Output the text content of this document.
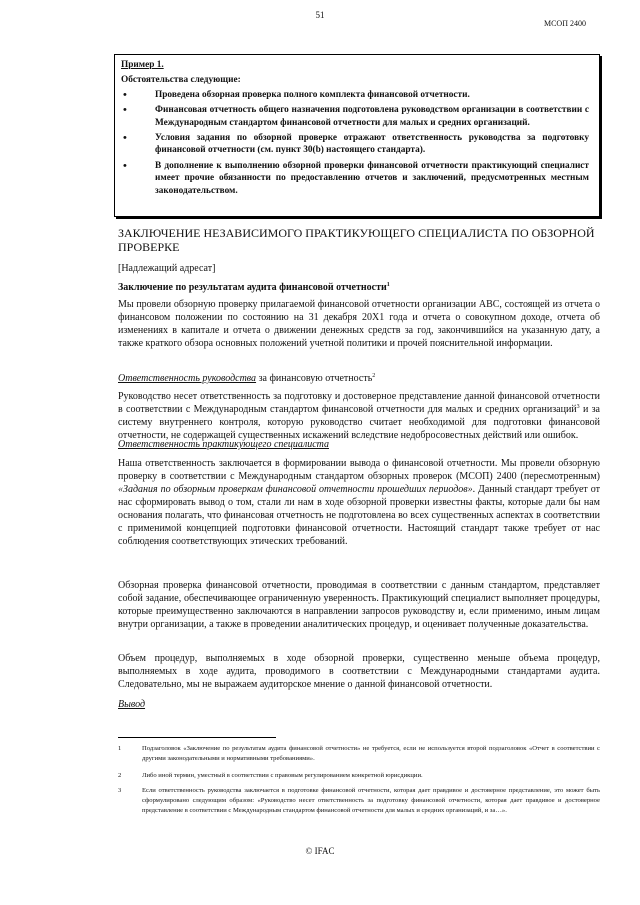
51
МСОП 2400

Пример 1.

Обстоятельства следующие:

•	Проведена обзорная проверка полного комплекта финансовой отчетности.
•	Финансовая отчетность общего назначения подготовлена руководством организации в соответствии с Международным стандартом финансовой отчетности для малых и средних организаций.
•	Условия задания по обзорной проверке отражают ответственность руководства за подготовку финансовой отчетности (см. пункт 30(b) настоящего стандарта).
•	В дополнение к выполнению обзорной проверки финансовой отчетности практикующий специалист имеет прочие обязанности по предоставлению отчетов и заключений, предусмотренных местным законодательством.
ЗАКЛЮЧЕНИЕ НЕЗАВИСИМОГО ПРАКТИКУЮЩЕГО СПЕЦИАЛИСТА ПО ОБЗОРНОЙ ПРОВЕРКЕ
[Надлежащий адресат]
Заключение по результатам аудита финансовой отчетности$^1$

Мы провели обзорную проверку прилагаемой финансовой отчетности организации ABC, состоящей из отчета о финансовом положении по состоянию на 31 декабря 20X1 года и отчета о совокупном доходе, отчета об изменениях в капитале и отчета о движении денежных средств за год, закончившийся на указанную дату, а также краткого обзора основных положений учетной политики и прочей пояснительной информации.

Ответственность руководства за финансовую отчетность$^2$

Руководство несет ответственность за подготовку и достоверное представление данной финансовой отчетности в соответствии с Международным стандартом финансовой отчетности для малых и средних организаций$^3$ и за систему внутреннего контроля, которую руководство считает необходимой для подготовки финансовой отчетности, не содержащей существенных искажений вследствие недобросовестных действий или ошибок.

Ответственность практикующего специалиста

Наша ответственность заключается в формировании вывода о финансовой отчетности. Мы провели обзорную проверку в соответствии с Международным стандартом обзорных проверок (МСОП) 2400 (пересмотренным) «Задания по обзорным проверкам финансовой отчетности прошедших периодов». Данный стандарт требует от нас сформировать вывод о том, стали ли нам в ходе обзорной проверки известны факты, которые дали бы нам основания полагать, что финансовая отчетность не подготовлена во всех существенных аспектах в соответствии с применимой концепцией подготовки финансовой отчетности. Настоящий стандарт также требует от нас соблюдения соответствующих этических требований.

Обзорная проверка финансовой отчетности, проводимая в соответствии с данным стандартом, представляет собой задание, обеспечивающее ограниченную уверенность. Практикующий специалист выполняет процедуры, которые преимущественно заключаются в направлении запросов руководству и, если применимо, иным лицам внутри организации, а также в проведении аналитических процедур, и оценивает полученные доказательства.

Объем процедур, выполняемых в ходе обзорной проверки, существенно меньше объема процедур, выполняемых в ходе аудита, проводимого в соответствии с Международными стандартами аудита. Следовательно, мы не выражаем аудиторское мнение о данной финансовой отчетности.

Вывод
1	Подзаголовок «Заключение по результатам аудита финансовой отчетности» не требуется, если не используется второй подзаголовок «Отчет в соответствии с другими законодательными и нормативными требованиями».
2	Либо иной термин, уместный в соответствии с правовым регулированием конкретной юрисдикции.
3	Если ответственность руководства заключается в подготовке финансовой отчетности, которая дает правдивое и достоверное представление, это может быть сформулировано следующим образом: «Руководство несет ответственность за подготовку финансовой отчетности, которая дает правдивое и достоверное представление в соответствии с Международным стандартом финансовой отчетности для малых и средних организаций, и за…».
© IFAC
